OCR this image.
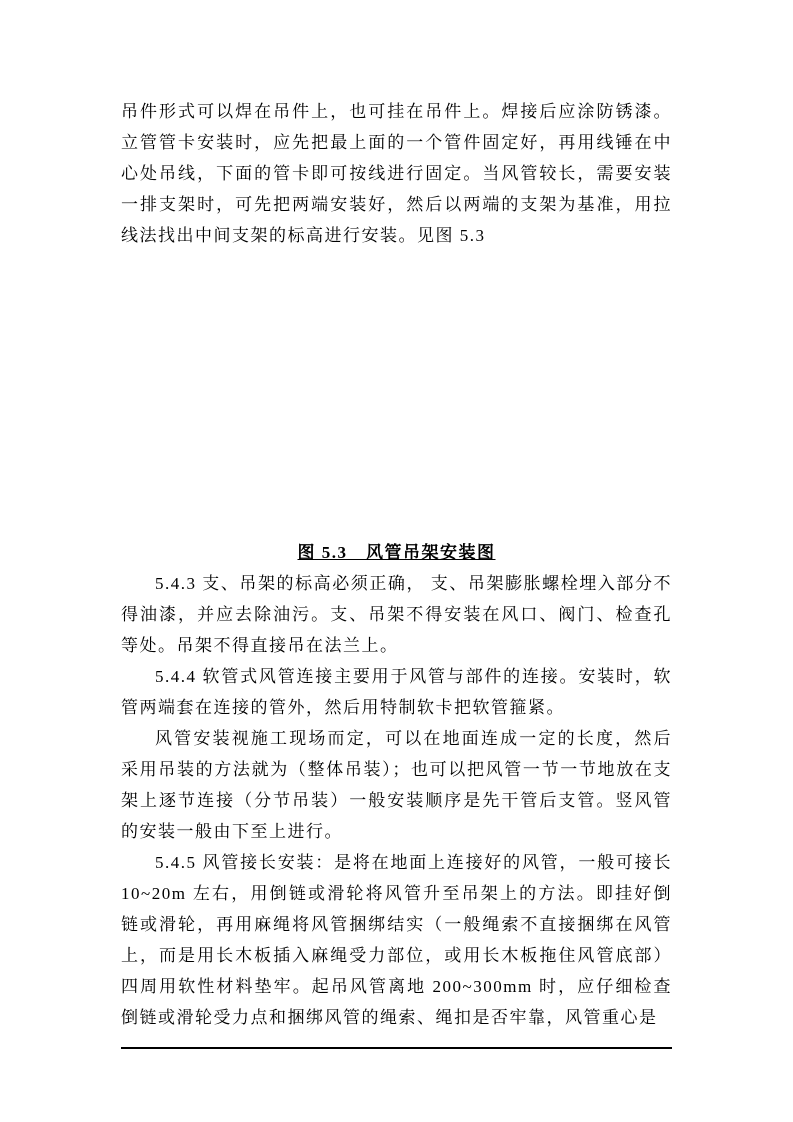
吊件形式可以焊在吊件上，也可挂在吊件上。焊接后应涂防锈漆。立管管卡安装时，应先把最上面的一个管件固定好，再用线锤在中心处吊线，下面的管卡即可按线进行固定。当风管较长，需要安装一排支架时，可先把两端安装好，然后以两端的支架为基准，用拉线法找出中间支架的标高进行安装。见图 5.3

图 5.3　风管吊架安装图

5.4.3 支、吊架的标高必须正确， 支、吊架膨胀螺栓埋入部分不得油漆，并应去除油污。支、吊架不得安装在风口、阀门、检查孔等处。吊架不得直接吊在法兰上。

5.4.4 软管式风管连接主要用于风管与部件的连接。安装时，软管两端套在连接的管外，然后用特制软卡把软管箍紧。

风管安装视施工现场而定，可以在地面连成一定的长度，然后采用吊装的方法就为（整体吊装）；也可以把风管一节一节地放在支架上逐节连接（分节吊装）一般安装顺序是先干管后支管。竖风管的安装一般由下至上进行。

5.4.5 风管接长安装：是将在地面上连接好的风管，一般可接长 10~20m 左右，用倒链或滑轮将风管升至吊架上的方法。即挂好倒链或滑轮，再用麻绳将风管捆绑结实（一般绳索不直接捆绑在风管上，而是用长木板插入麻绳受力部位，或用长木板拖住风管底部）四周用软性材料垫牢。起吊风管离地 200~300mm 时，应仔细检查倒链或滑轮受力点和捆绑风管的绳索、绳扣是否牢靠，风管重心是
